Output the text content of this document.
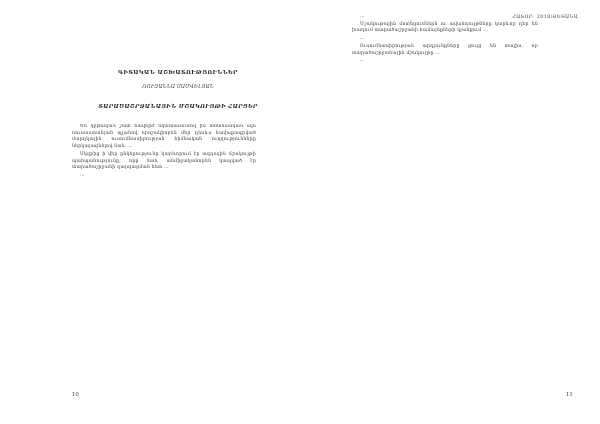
ԳԻՏԱԿԱՆ ԱՇԽԱՏՈՒԹՅՈՒՆՆԵՐ
ՌՈՒԶԱՆՆԱ ՍԱՄՎԵԼՅԱՆ
ՏԱՐԱԾԱՇՐՋԱՆԱՅԻՆ ՄՇԱԿՈՒՅԹԻ ՀԱՐՑԵՐ

Ես կրթական շատ հավերժ նկատառումով իմ տնտեսական ալն ռուսաստանյան պլանով որոշակիորեն մեր դեռևս հավաքագրված մարդկային ուսումնասիրության հիմնական ուղղությունները ներկայացնելով նաև …

Սկզբից ի վեր ընկերությունը կարևորում էր ազգային մշակույթի պահպանությունը, որը նաև անմիջականորեն կապված էր տարածաշրջանի զարգացման հետ …

…

10
ՀԱՏՈՐ. 2018/ՅԵՏԱՆԱ

…

Մշակութային մոտեցումներն ու ավանդույթները կարևոր դեր են խաղում տարածաշրջանի համայնքների կյանքում …

…

Ուսումնասիրության արդյունքները ցույց են տալիս, որ տարածաշրջանային մշակույթը …

…

11
